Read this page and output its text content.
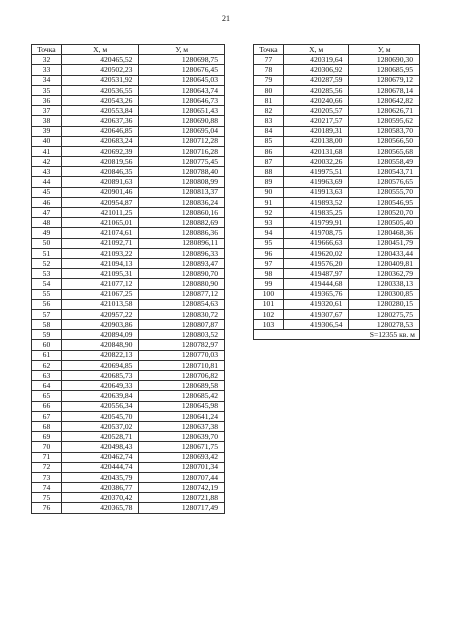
21
Точка	Х, м	У, м
32	420465,52	1280698,75
33	420502,23	1280676,45
34	420531,92	1280645,03
35	420536,55	1280643,74
36	420543,26	1280646,73
37	420553,84	1280651,43
38	420637,36	1280690,88
39	420646,85	1280695,04
40	420683,24	1280712,28
41	420692,39	1280716,28
42	420819,56	1280775,45
43	420846,35	1280788,40
44	420891,63	1280808,99
45	420901,46	1280813,37
46	420954,87	1280836,24
47	421011,25	1280860,16
48	421065,01	1280882,69
49	421074,61	1280886,36
50	421092,71	1280896,11
51	421093,22	1280896,33
52	421094,13	1280893,47
53	421095,31	1280890,70
54	421077,12	1280880,90
55	421067,25	1280877,12
56	421013,58	1280854,63
57	420957,22	1280830,72
58	420903,86	1280807,87
59	420894,09	1280803,52
60	420848,90	1280782,97
61	420822,13	1280770,03
62	420694,85	1280710,81
63	420685,73	1280706,82
64	420649,33	1280689,58
65	420639,84	1280685,42
66	420556,34	1280645,98
67	420545,70	1280641,24
68	420537,02	1280637,38
69	420528,71	1280639,70
70	420498,43	1280671,75
71	420462,74	1280693,42
72	420444,74	1280701,34
73	420435,79	1280707,44
74	420386,77	1280742,19
75	420370,42	1280721,88
76	420365,78	1280717,49
Точка	Х, м	У, м
77	420319,64	1280690,30
78	420306,92	1280685,95
79	420287,59	1280679,12
80	420285,56	1280678,14
81	420240,66	1280642,82
82	420205,57	1280626,71
83	420217,57	1280595,62
84	420189,31	1280583,70
85	420138,00	1280566,50
86	420131,68	1280565,68
87	420032,26	1280558,49
88	419975,51	1280543,71
89	419963,69	1280576,65
90	419913,63	1280555,70
91	419893,52	1280546,95
92	419835,25	1280520,70
93	419799,91	1280505,40
94	419708,75	1280468,36
95	419666,63	1280451,79
96	419620,02	1280433,44
97	419576,20	1280409,81
98	419487,97	1280362,79
99	419444,68	1280338,13
100	419365,76	1280300,85
101	419320,61	1280280,15
102	419307,67	1280275,75
103	419306,54	1280278,53
S=12355 кв. м		
